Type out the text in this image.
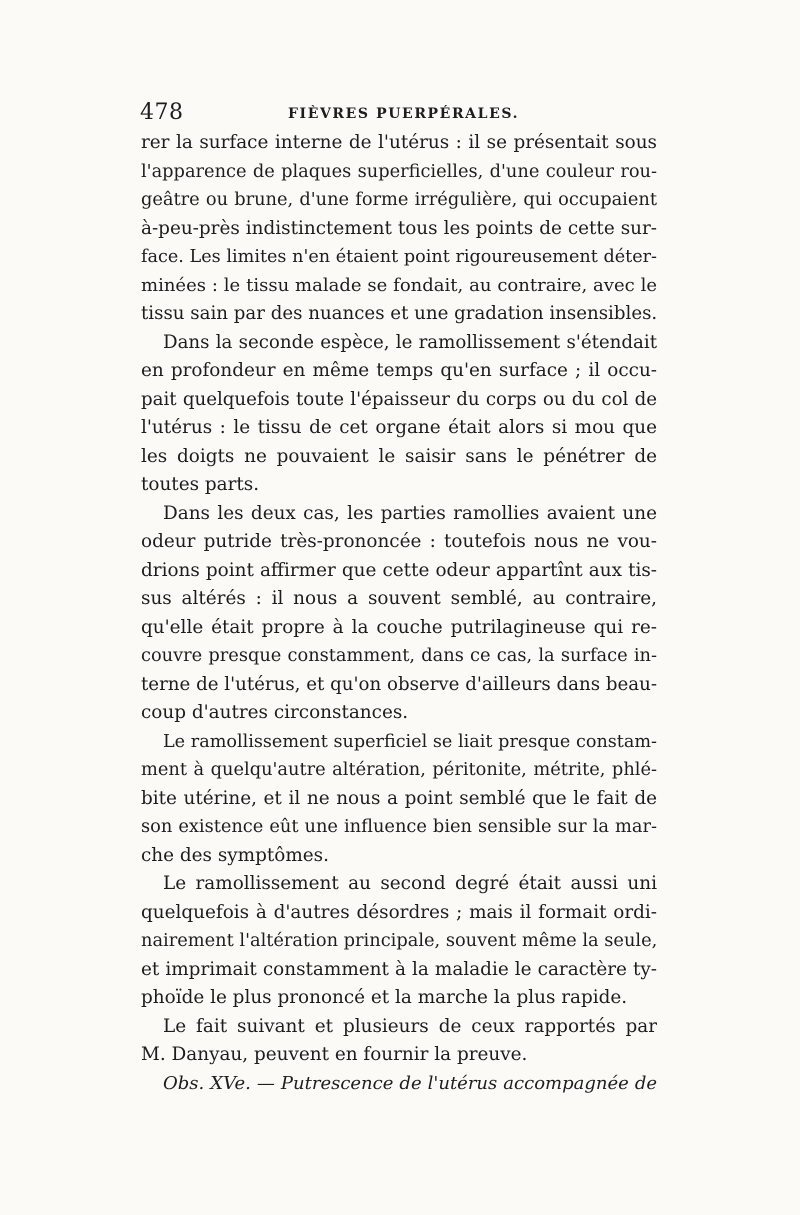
478	FIÈVRES PUERPÉRALES.
rer la surface interne de l'utérus : il se présentait sous
l'apparence de plaques superficielles, d'une couleur rou-
geâtre ou brune, d'une forme irrégulière, qui occupaient
à-peu-près indistinctement tous les points de cette sur-
face. Les limites n'en étaient point rigoureusement déter-
minées : le tissu malade se fondait, au contraire, avec le
tissu sain par des nuances et une gradation insensibles.
Dans la seconde espèce, le ramollissement s'étendait
en profondeur en même temps qu'en surface ; il occu-
pait quelquefois toute l'épaisseur du corps ou du col de
l'utérus : le tissu de cet organe était alors si mou que
les doigts ne pouvaient le saisir sans le pénétrer de
toutes parts.
Dans les deux cas, les parties ramollies avaient une
odeur putride très-prononcée : toutefois nous ne vou-
drions point affirmer que cette odeur appartînt aux tis-
sus altérés : il nous a souvent semblé, au contraire,
qu'elle était propre à la couche putrilagineuse qui re-
couvre presque constamment, dans ce cas, la surface in-
terne de l'utérus, et qu'on observe d'ailleurs dans beau-
coup d'autres circonstances.
Le ramollissement superficiel se liait presque constam-
ment à quelqu'autre altération, péritonite, métrite, phlé-
bite utérine, et il ne nous a point semblé que le fait de
son existence eût une influence bien sensible sur la mar-
che des symptômes.
Le ramollissement au second degré était aussi uni
quelquefois à d'autres désordres ; mais il formait ordi-
nairement l'altération principale, souvent même la seule,
et imprimait constamment à la maladie le caractère ty-
phoïde le plus prononcé et la marche la plus rapide.
Le fait suivant et plusieurs de ceux rapportés par
M. Danyau, peuvent en fournir la preuve.
Obs. XVe. — Putrescence de l'utérus accompagnée de
